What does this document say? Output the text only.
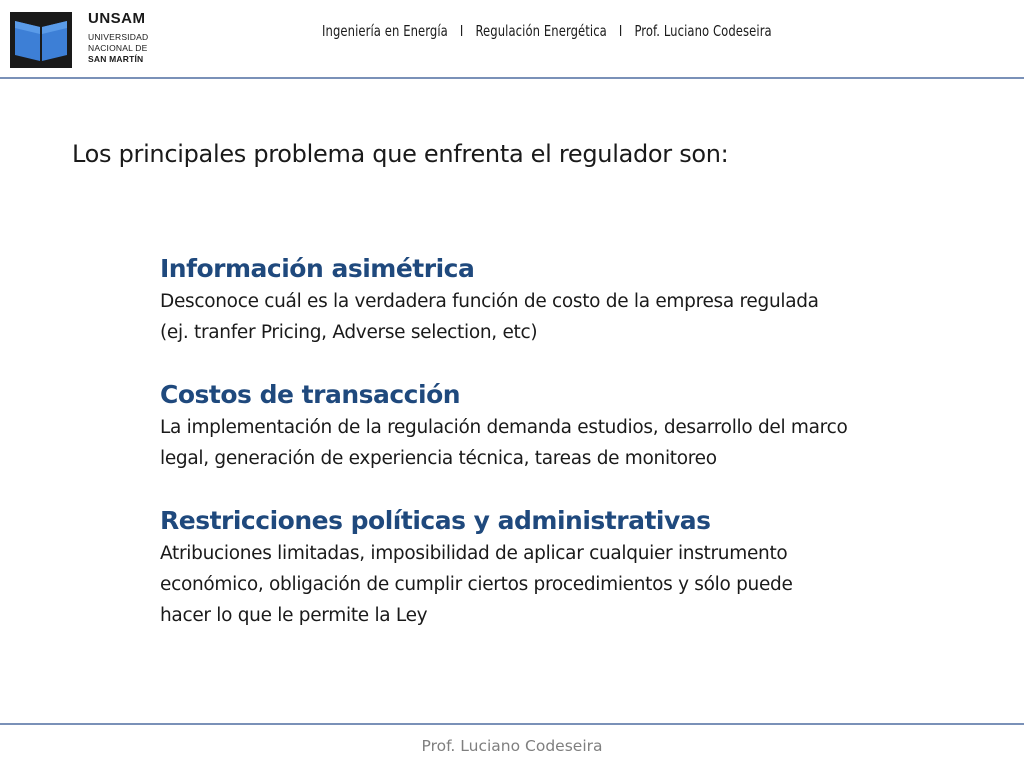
UNSAM
UNIVERSIDAD
NACIONAL DE
SAN MARTÍN
Ingeniería en Energía I Regulación Energética I Prof. Luciano Codeseira
Los principales problema que enfrenta el regulador son:
Información asimétrica
Desconoce cuál es la verdadera función de costo de la empresa regulada
(ej. tranfer Pricing, Adverse selection, etc)
Costos de transacción
La implementación de la regulación demanda estudios, desarrollo del marco
legal, generación de experiencia técnica, tareas de monitoreo
Restricciones políticas y administrativas
Atribuciones limitadas, imposibilidad de aplicar cualquier instrumento
económico, obligación de cumplir ciertos procedimientos y sólo puede
hacer lo que le permite la Ley
Prof. Luciano Codeseira
